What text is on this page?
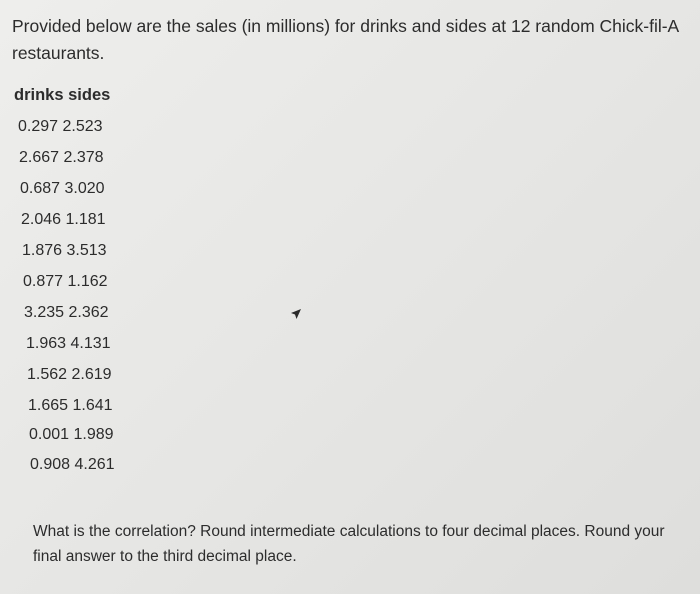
Provided below are the sales (in millions) for drinks and sides at 12 random Chick-fil-A restaurants.

drinks sides
0.297 2.523
2.667 2.378
0.687 3.020
2.046 1.181
1.876 3.513
0.877 1.162
3.235 2.362
1.963 4.131
1.562 2.619
1.665 1.641
0.001 1.989
0.908 4.261

What is the correlation? Round intermediate calculations to four decimal places. Round your final answer to the third decimal place.
